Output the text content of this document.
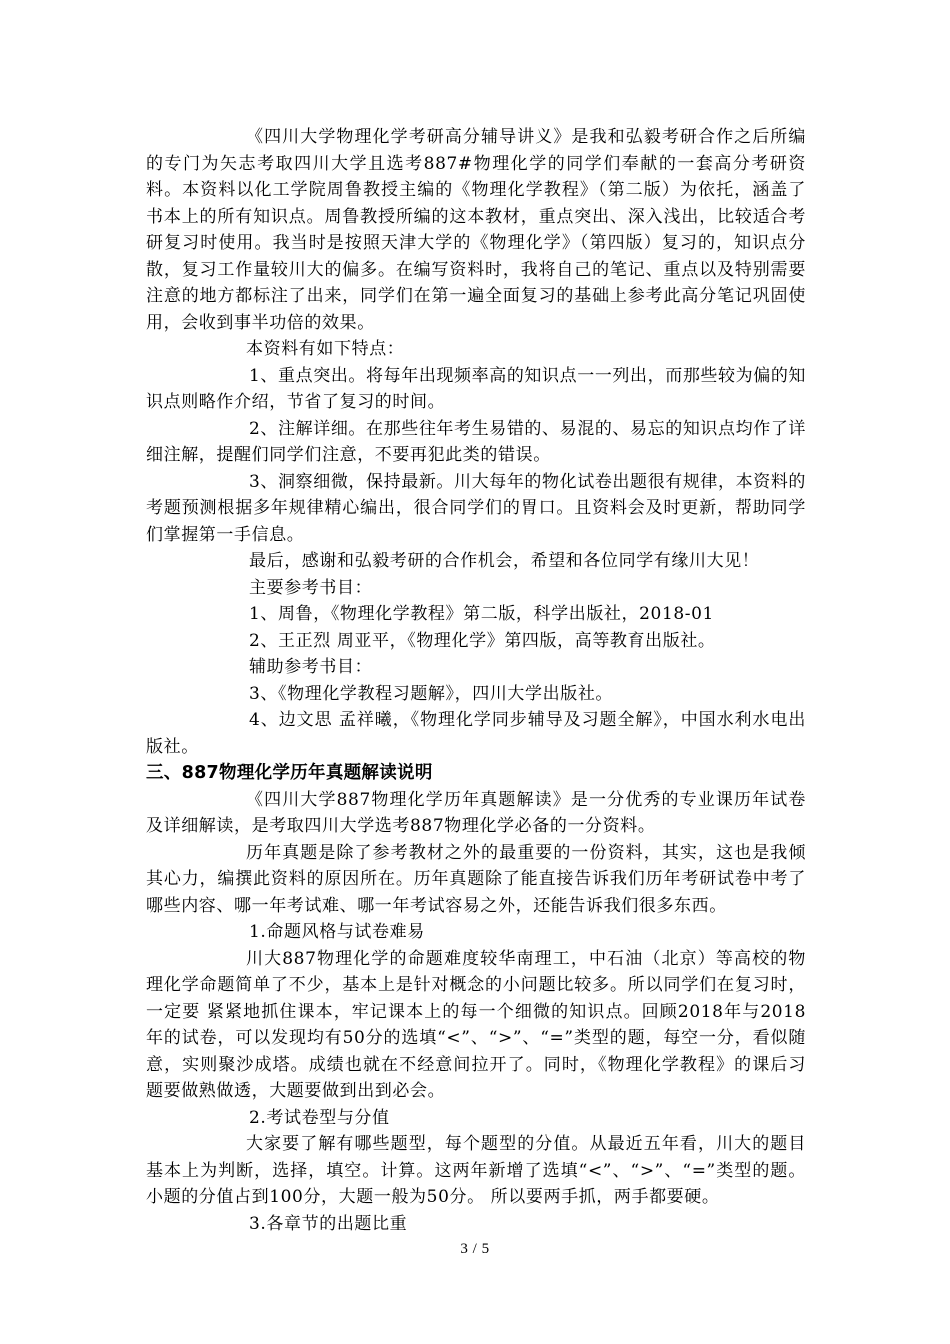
《四川大学物理化学考研高分辅导讲义》是我和弘毅考研合作之后所编的专门为矢志考取四川大学且选考887#物理化学的同学们奉献的一套高分考研资料。本资料以化工学院周鲁教授主编的《物理化学教程》（第二版）为依托，涵盖了书本上的所有知识点。周鲁教授所编的这本教材，重点突出、深入浅出，比较适合考研复习时使用。我当时是按照天津大学的《物理化学》（第四版）复习的，知识点分散，复习工作量较川大的偏多。在编写资料时，我将自己的笔记、重点以及特别需要注意的地方都标注了出来，同学们在第一遍全面复习的基础上参考此高分笔记巩固使用，会收到事半功倍的效果。

本资料有如下特点：

1、重点突出。将每年出现频率高的知识点一一列出，而那些较为偏的知识点则略作介绍，节省了复习的时间。

2、注解详细。在那些往年考生易错的、易混的、易忘的知识点均作了详细注解，提醒们同学们注意，不要再犯此类的错误。

3、洞察细微，保持最新。川大每年的物化试卷出题很有规律，本资料的考题预测根据多年规律精心编出，很合同学们的胃口。且资料会及时更新，帮助同学们掌握第一手信息。

最后，感谢和弘毅考研的合作机会，希望和各位同学有缘川大见！

主要参考书目：

1、周鲁，《物理化学教程》第二版，科学出版社，2018-01

2、王正烈 周亚平，《物理化学》第四版，高等教育出版社。

辅助参考书目：

3、《物理化学教程习题解》，四川大学出版社。

4、边文思 孟祥曦，《物理化学同步辅导及习题全解》，中国水利水电出版社。

三、887物理化学历年真题解读说明

《四川大学887物理化学历年真题解读》是一分优秀的专业课历年试卷及详细解读，是考取四川大学选考887物理化学必备的一分资料。

历年真题是除了参考教材之外的最重要的一份资料，其实，这也是我倾其心力，编撰此资料的原因所在。历年真题除了能直接告诉我们历年考研试卷中考了哪些内容、哪一年考试难、哪一年考试容易之外，还能告诉我们很多东西。

1.命题风格与试卷难易

川大887物理化学的命题难度较华南理工，中石油（北京）等高校的物理化学命题简单了不少，基本上是针对概念的小问题比较多。所以同学们在复习时，一定要 紧紧地抓住课本，牢记课本上的每一个细微的知识点。回顾2018年与2018年的试卷，可以发现均有50分的选填“<”、“>”、“=”类型的题，每空一分，看似随意，实则聚沙成塔。成绩也就在不经意间拉开了。同时，《物理化学教程》的课后习题要做熟做透，大题要做到出到必会。

2.考试卷型与分值

大家要了解有哪些题型，每个题型的分值。从最近五年看，川大的题目基本上为判断，选择，填空。计算。这两年新增了选填“<”、“>”、“=”类型的题。小题的分值占到100分，大题一般为50分。 所以要两手抓，两手都要硬。

3.各章节的出题比重

3 / 5
